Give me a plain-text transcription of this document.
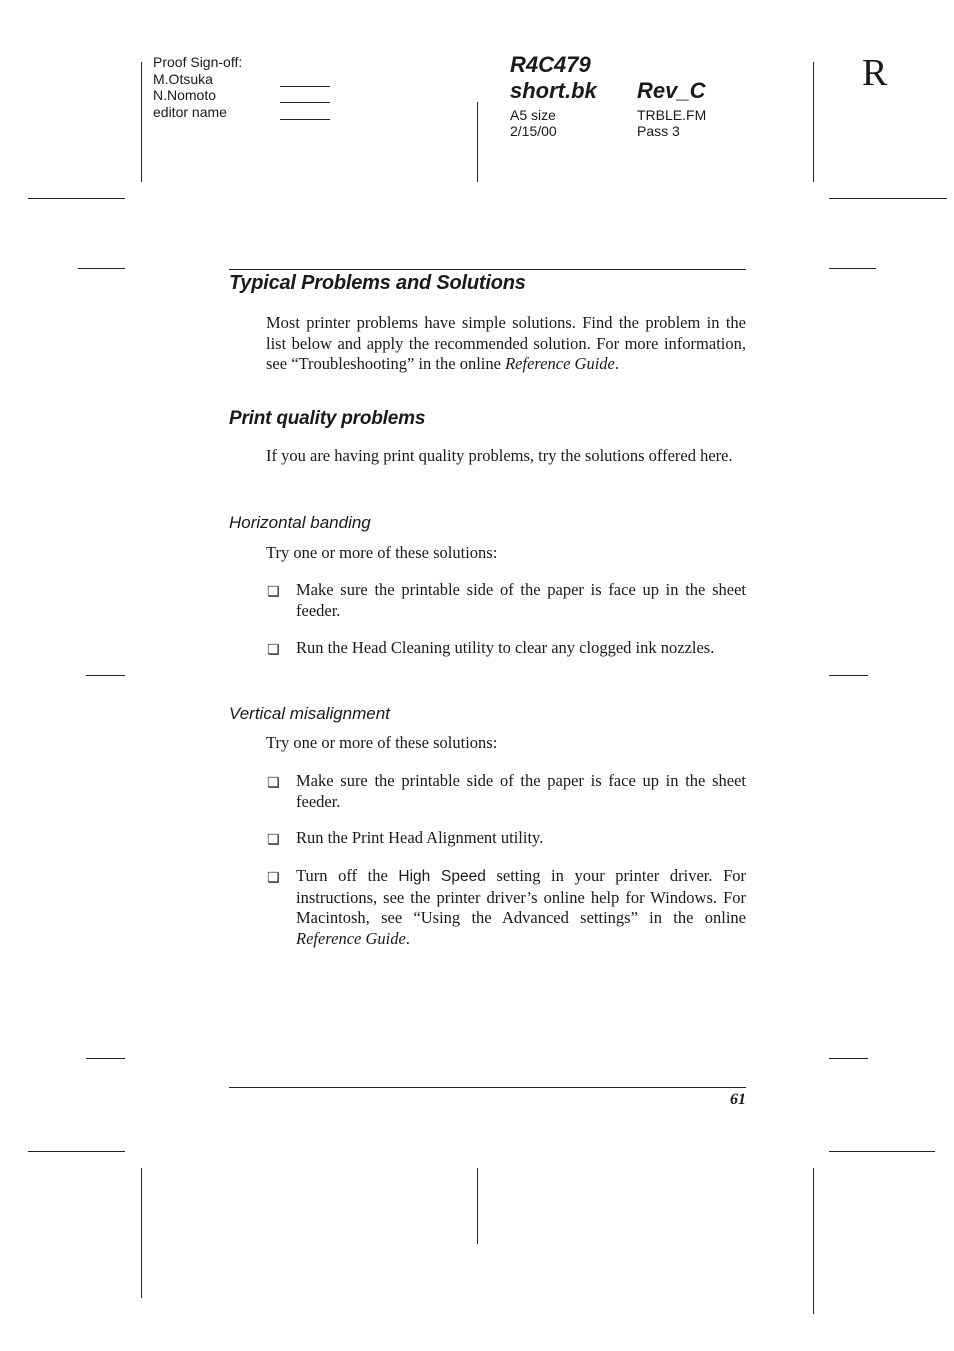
Proof Sign-off:
M.Otsuka
N.Nomoto
editor name
R4C479
short.bk Rev_C
A5 size
2/15/00
TRBLE.FM
Pass 3
R
Typical Problems and Solutions
Most printer problems have simple solutions. Find the problem in the list below and apply the recommended solution. For more information, see “Troubleshooting” in the online Reference Guide.
Print quality problems
If you are having print quality problems, try the solutions offered here.
Horizontal banding
Try one or more of these solutions:
❏ Make sure the printable side of the paper is face up in the sheet feeder.
❏ Run the Head Cleaning utility to clear any clogged ink nozzles.
Vertical misalignment
Try one or more of these solutions:
❏ Make sure the printable side of the paper is face up in the sheet feeder.
❏ Run the Print Head Alignment utility.
❏ Turn off the High Speed setting in your printer driver. For instructions, see the printer driver’s online help for Windows. For Macintosh, see “Using the Advanced settings” in the online Reference Guide.
61
